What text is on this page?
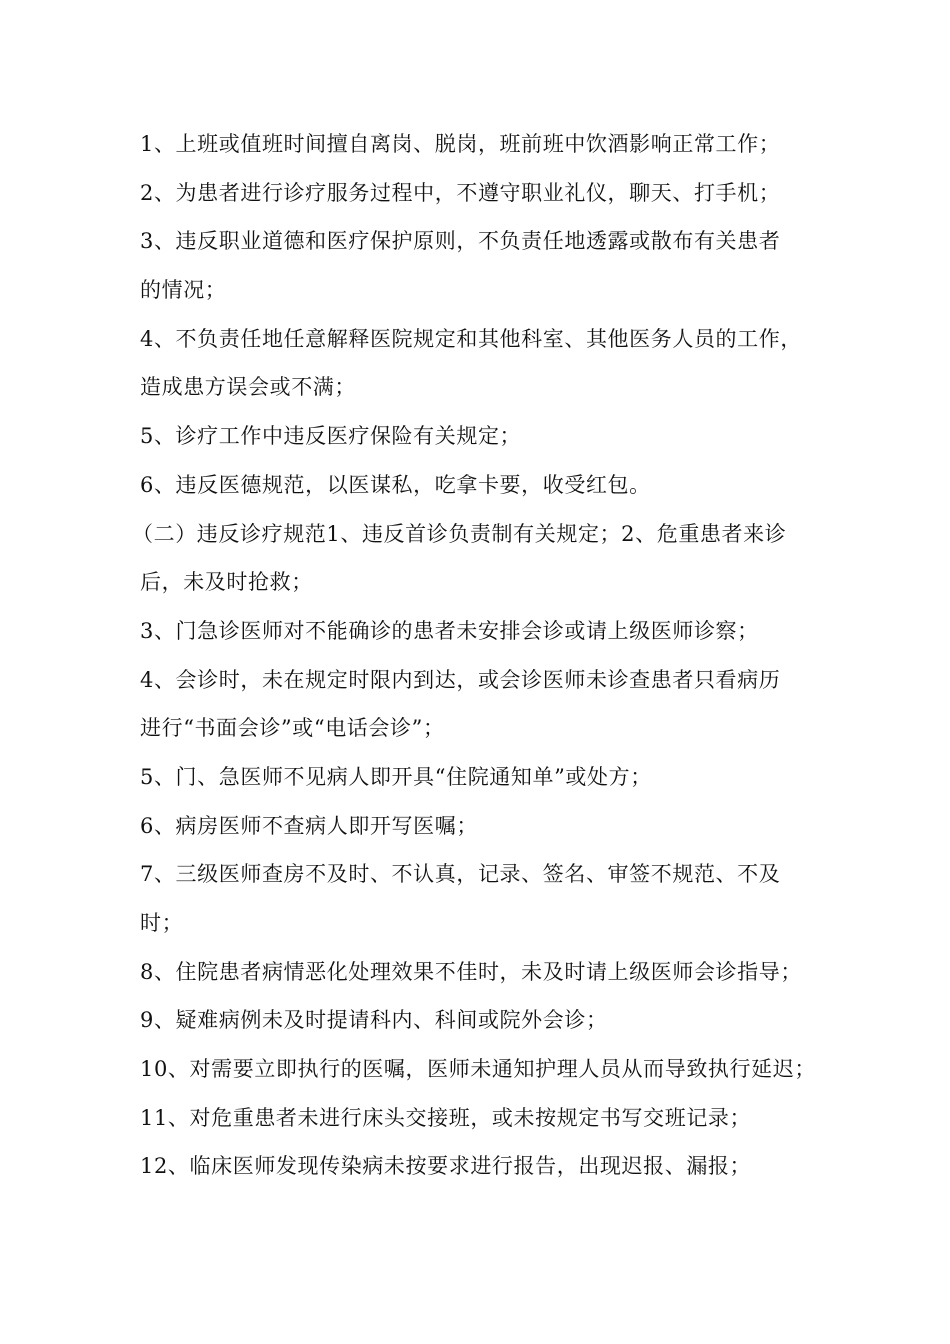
1、上班或值班时间擅自离岗、脱岗，班前班中饮酒影响正常工作；
2、为患者进行诊疗服务过程中，不遵守职业礼仪，聊天、打手机；
3、违反职业道德和医疗保护原则，不负责任地透露或散布有关患者
的情况；
4、不负责任地任意解释医院规定和其他科室、其他医务人员的工作，
造成患方误会或不满；
5、诊疗工作中违反医疗保险有关规定；
6、违反医德规范，以医谋私，吃拿卡要，收受红包。
（二）违反诊疗规范1、违反首诊负责制有关规定；2、危重患者来诊
后，未及时抢救；
3、门急诊医师对不能确诊的患者未安排会诊或请上级医师诊察；
4、会诊时，未在规定时限内到达，或会诊医师未诊查患者只看病历
进行“书面会诊”或“电话会诊”；
5、门、急医师不见病人即开具“住院通知单”或处方；
6、病房医师不查病人即开写医嘱；
7、三级医师查房不及时、不认真，记录、签名、审签不规范、不及
时；
8、住院患者病情恶化处理效果不佳时，未及时请上级医师会诊指导；
9、疑难病例未及时提请科内、科间或院外会诊；
10、对需要立即执行的医嘱，医师未通知护理人员从而导致执行延迟；
11、对危重患者未进行床头交接班，或未按规定书写交班记录；
12、临床医师发现传染病未按要求进行报告，出现迟报、漏报；
